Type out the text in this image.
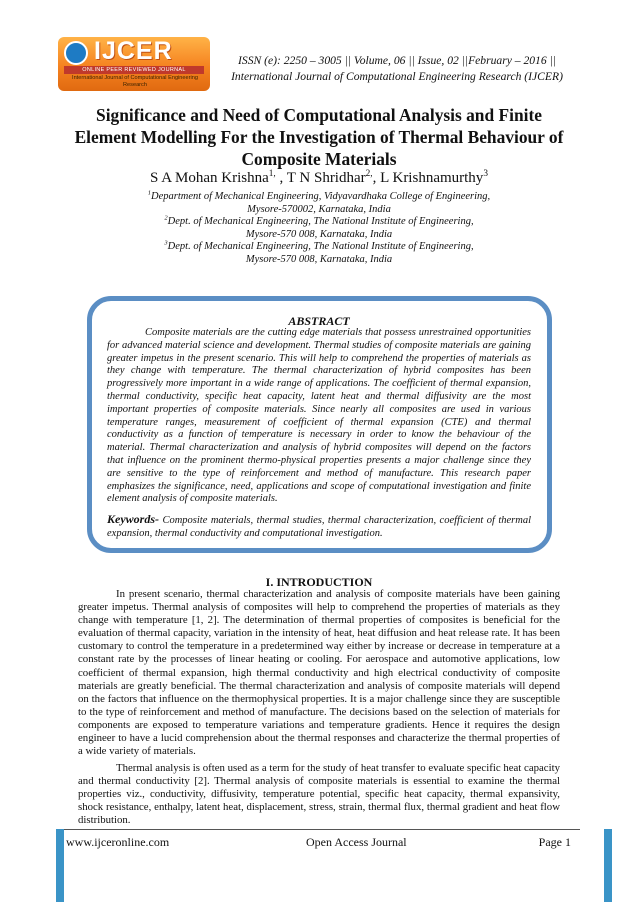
IJCER
ONLINE PEER REVIEWED JOURNAL
International Journal of Computational Engineering Research
ISSN (e): 2250 – 3005 || Volume, 06 || Issue, 02 ||February – 2016 ||
International Journal of Computational Engineering Research (IJCER)
Significance and Need of Computational Analysis and Finite Element Modelling For the Investigation of Thermal Behaviour of Composite Materials
S A Mohan Krishna$^{1,}$ , T N Shridhar$^{2,}$, L Krishnamurthy$^3$
$^1$Department of Mechanical Engineering, Vidyavardhaka College of Engineering,
Mysore-570002, Karnataka, India
$^2$Dept. of Mechanical Engineering, The National Institute of Engineering,
Mysore-570 008, Karnataka, India
$^3$Dept. of Mechanical Engineering, The National Institute of Engineering,
Mysore-570 008, Karnataka, India
ABSTRACT
Composite materials are the cutting edge materials that possess unrestrained opportunities for advanced material science and development. Thermal studies of composite materials are gaining greater impetus in the present scenario. This will help to comprehend the properties of materials as they change with temperature. The thermal characterization of hybrid composites has been progressively more important in a wide range of applications. The coefficient of thermal expansion, thermal conductivity, specific heat capacity, latent heat and thermal diffusivity are the most important properties of composite materials. Since nearly all composites are used in various temperature ranges, measurement of coefficient of thermal expansion (CTE) and thermal conductivity as a function of temperature is necessary in order to know the behaviour of the material. Thermal characterization and analysis of hybrid composites will depend on the factors that influence on the prominent thermo-physical properties presents a major challenge since they are sensitive to the type of reinforcement and method of manufacture. This research paper emphasizes the significance, need, applications and scope of computational investigation and finite element analysis of composite materials.
Keywords- Composite materials, thermal studies, thermal characterization, coefficient of thermal expansion, thermal conductivity and computational investigation.
I. INTRODUCTION
In present scenario, thermal characterization and analysis of composite materials have been gaining greater impetus. Thermal analysis of composites will help to comprehend the properties of materials as they change with temperature [1, 2]. The determination of thermal properties of composites is beneficial for the evaluation of thermal capacity, variation in the intensity of heat, heat diffusion and heat release rate. It has been customary to control the temperature in a predetermined way either by increase or decrease in temperature at a constant rate by the processes of linear heating or cooling. For aerospace and automotive applications, low coefficient of thermal expansion, high thermal conductivity and high electrical conductivity of composite materials are greatly beneficial. The thermal characterization and analysis of composite materials will depend on the factors that influence on the thermophysical properties. It is a major challenge since they are susceptible to the type of reinforcement and method of manufacture. The decisions based on the selection of materials for components are exposed to temperature variations and temperature gradients. Hence it requires the design engineer to have a lucid comprehension about the thermal responses and characterize the thermal properties of a wide variety of materials.
Thermal analysis is often used as a term for the study of heat transfer to evaluate specific heat capacity and thermal conductivity [2]. Thermal analysis of composite materials is essential to examine the thermal properties viz., conductivity, diffusivity, temperature potential, specific heat capacity, thermal expansivity, shock resistance, enthalpy, latent heat, displacement, stress, strain, thermal flux, thermal gradient and heat flow distribution.
www.ijceronline.com	Open Access Journal	Page 1
